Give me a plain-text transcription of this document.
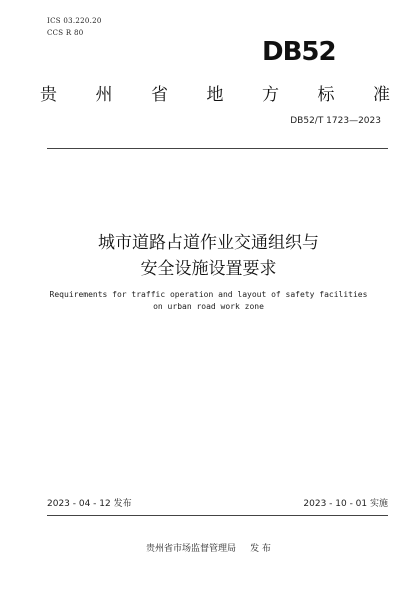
ICS 03.220.20
CCS R 80
DB52
贵 州 省 地 方 标 准
DB52/T 1723—2023
城市道路占道作业交通组织与
安全设施设置要求
Requirements for traffic operation and layout of safety facilities
on urban road work zone
2023 - 04 - 12 发布	2023 - 10 - 01 实施
贵州省市场监督管理局 发 布
